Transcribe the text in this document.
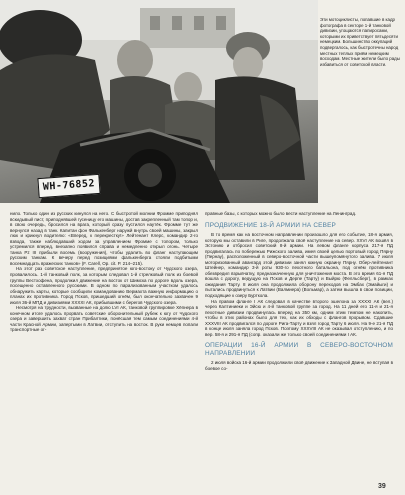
WH-76852

Эти мотоциклисты, попавшие в кадр фотографа в секторе 1-й танковой дивизии, угощаются папиросами, которыми их приветствует пятьдесяти немецким. Большинство оккупаций подвергалось, как быстротечны народ местных теплых приём немецким восходам. Местные жители было рады избавиться от советской власти.

нило. Только один из русских кинулся на него. С быстротой молнии Фромме приподнял вскидывый пист, приподнявшей гусеницу его машины, достав закрепленный там топор и, в свою очередь, бросился на врага, который сразу пустился наутёк. Фромме тут же вернулся назад в танк. Капитан фон Фалькенберг наружй внутрь своей машины, закрыл люк и крикнул водителю: «Вперед, к перекрестку!» Лейтенант Клерс, командир 2-го взвода, также наблюдавший ходом за управлением Фромме с топором, только устремился вперед, внезапно появился справа и немедленно открыл огонь. Четыре танка Pz III прибыли восемь (вооружения), чтобы удалить во фланг наступающим русским танкам. К вечеру перед позициями фалькенберга стояли подбитыми восемнадцать вражеских танков» (F. Carell, Op. cit. P. 214–215).

На этот раз советское наступление, предпринятое юго-востоку от Чудского озера, провалилось. 1-й танковый полк, за которым следовал 1-й стрелковый полк из боевой группы Вестхофена, продолжил движение на восток от Шимска по дороге вдоль озера, посещенно оставленного русскими. В одном по парализованным участком удалось обнаружить карты, которые сообщили командованию Вермахта важную информацию о планах их противника. Город Псков, пришедший огнём, был окончательно захвачен 9 июля 36-й МПД и дивизиями XXXXI АК, прибывшими с берегов Чудского озера.

Несмотря на трудности, вызванные на долю LVI АК, танковой группировке Хёпнера в конечном итоге удалось прорвать советские оборонительный рубеж к югу от Чудского озера и завершить захват стран Прибалтики, понёсшая тем самым соединениями 4-й части Красной Армии, запертыми в Латвии, отступить на восток. В руки немцев попали транспортные ог-

правные базы, с которых можно было вести наступление на Ленинград.

ПРОДВИЖЕНИЕ 18-Й АРМИИ НА СЕВЕР

В то время как на восточном направлении произошло для его событие, 18-я армия, которую мы оставили в Риге, продолжала своё наступление на север. XXVI АК вошёл в Эстонию и отбросил советский 8-й армии. На левом фланге корпуса 217-я ПД продвигалась по побережью Рижского залива, имея своей целью портовый город Пярну (Пернау), расположенный в северо-восточной части вышеупомянутого залива. 7 июля моторизованный авангард этой дивизии занял южную окраину Пярну. Обер-лейтенант Штейнер, командир 3-й роты 930-го пехотного батальона, под огнём противника обезвредил взрывчатку, предназначенную для уничтожения моста. В это время 61-я ПД вошла с дорогу, ведущую на Псков и Дерпе (Тарту) и Выйрю (Фелльсберг), в рамках ожидания Тарту. 8 июля она продолжила оборону переходов на Эмбах (Эмайыги) и пытались продвинуться к Латвии (Валмиера) (Вольмар), а затем вышла в свои позиции, подходящие к озеру Бурткола.

На правом фланге I АК следовал в качестве второго эшелона за XXXXI АК (вел.) через Калтиниеки и Эйсю и 4-й танковой группе за город. На 11 дней его 11-я и 21-я пехотные дивизии продвинулась вперед на 350 км, одним этим темпом не накопить, чтобы в этих районах было для тех, как их обходы с флангов прорывом. Сдавшие XXXVIII АК продвигался по дороге Рига-Тарту и взял город Тарту 6 июля. На 9-е 21-я ПД в конце июля заняла город Псков. Поэтому XXXVIII АК не оказывал отступлению, и по вер. 58-я и 291-я ПД (сопр. оказали же только своей соединениями I АК.

ОПЕРАЦИИ 16-Й АРМИИ В СЕВЕРО-ВОСТОЧНОМ НАПРАВЛЕНИИ

2 июля войска 16-й армии продолжили своё движение к Западной Двине, не вступая в боевое со-

39
